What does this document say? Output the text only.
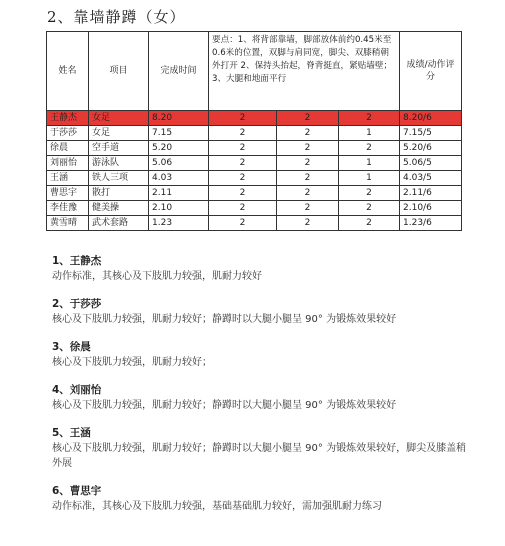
2、靠墙静蹲（女）
姓名	项目	完成时间	要点：1、将背部靠墙，脚部放体前约0.45米至0.6米的位置，双脚与肩同宽，脚尖、双膝稍朝外打开 2、保持头抬起，脊背挺直，紧贴墙壁；3、大腿和地面平行			成绩/动作评分
王静杰	女足	8.20	2	2	2	8.20/6
于莎莎	女足	7.15	2	2	1	7.15/5
徐晨	空手道	5.20	2	2	2	5.20/6
刘丽怡	游泳队	5.06	2	2	1	5.06/5
王涵	铁人三项	4.03	2	2	1	4.03/5
曹思宇	散打	2.11	2	2	2	2.11/6
李佳豫	健美操	2.10	2	2	2	2.10/6
黄雪晴	武术套路	1.23	2	2	2	1.23/6
1、王静杰
动作标准，其核心及下肢肌力较强，肌耐力较好
2、于莎莎
核心及下肢肌力较强，肌耐力较好；静蹲时以大腿小腿呈 90° 为锻炼效果较好
3、徐晨
核心及下肢肌力较强，肌耐力较好；
4、刘丽怡
核心及下肢肌力较强，肌耐力较好；静蹲时以大腿小腿呈 90° 为锻炼效果较好
5、王涵
核心及下肢肌力较强，肌耐力较好；静蹲时以大腿小腿呈 90° 为锻炼效果较好，脚尖及膝盖稍外展
6、曹思宇
动作标准，其核心及下肢肌力较强，基础基础肌力较好，需加强肌耐力练习
